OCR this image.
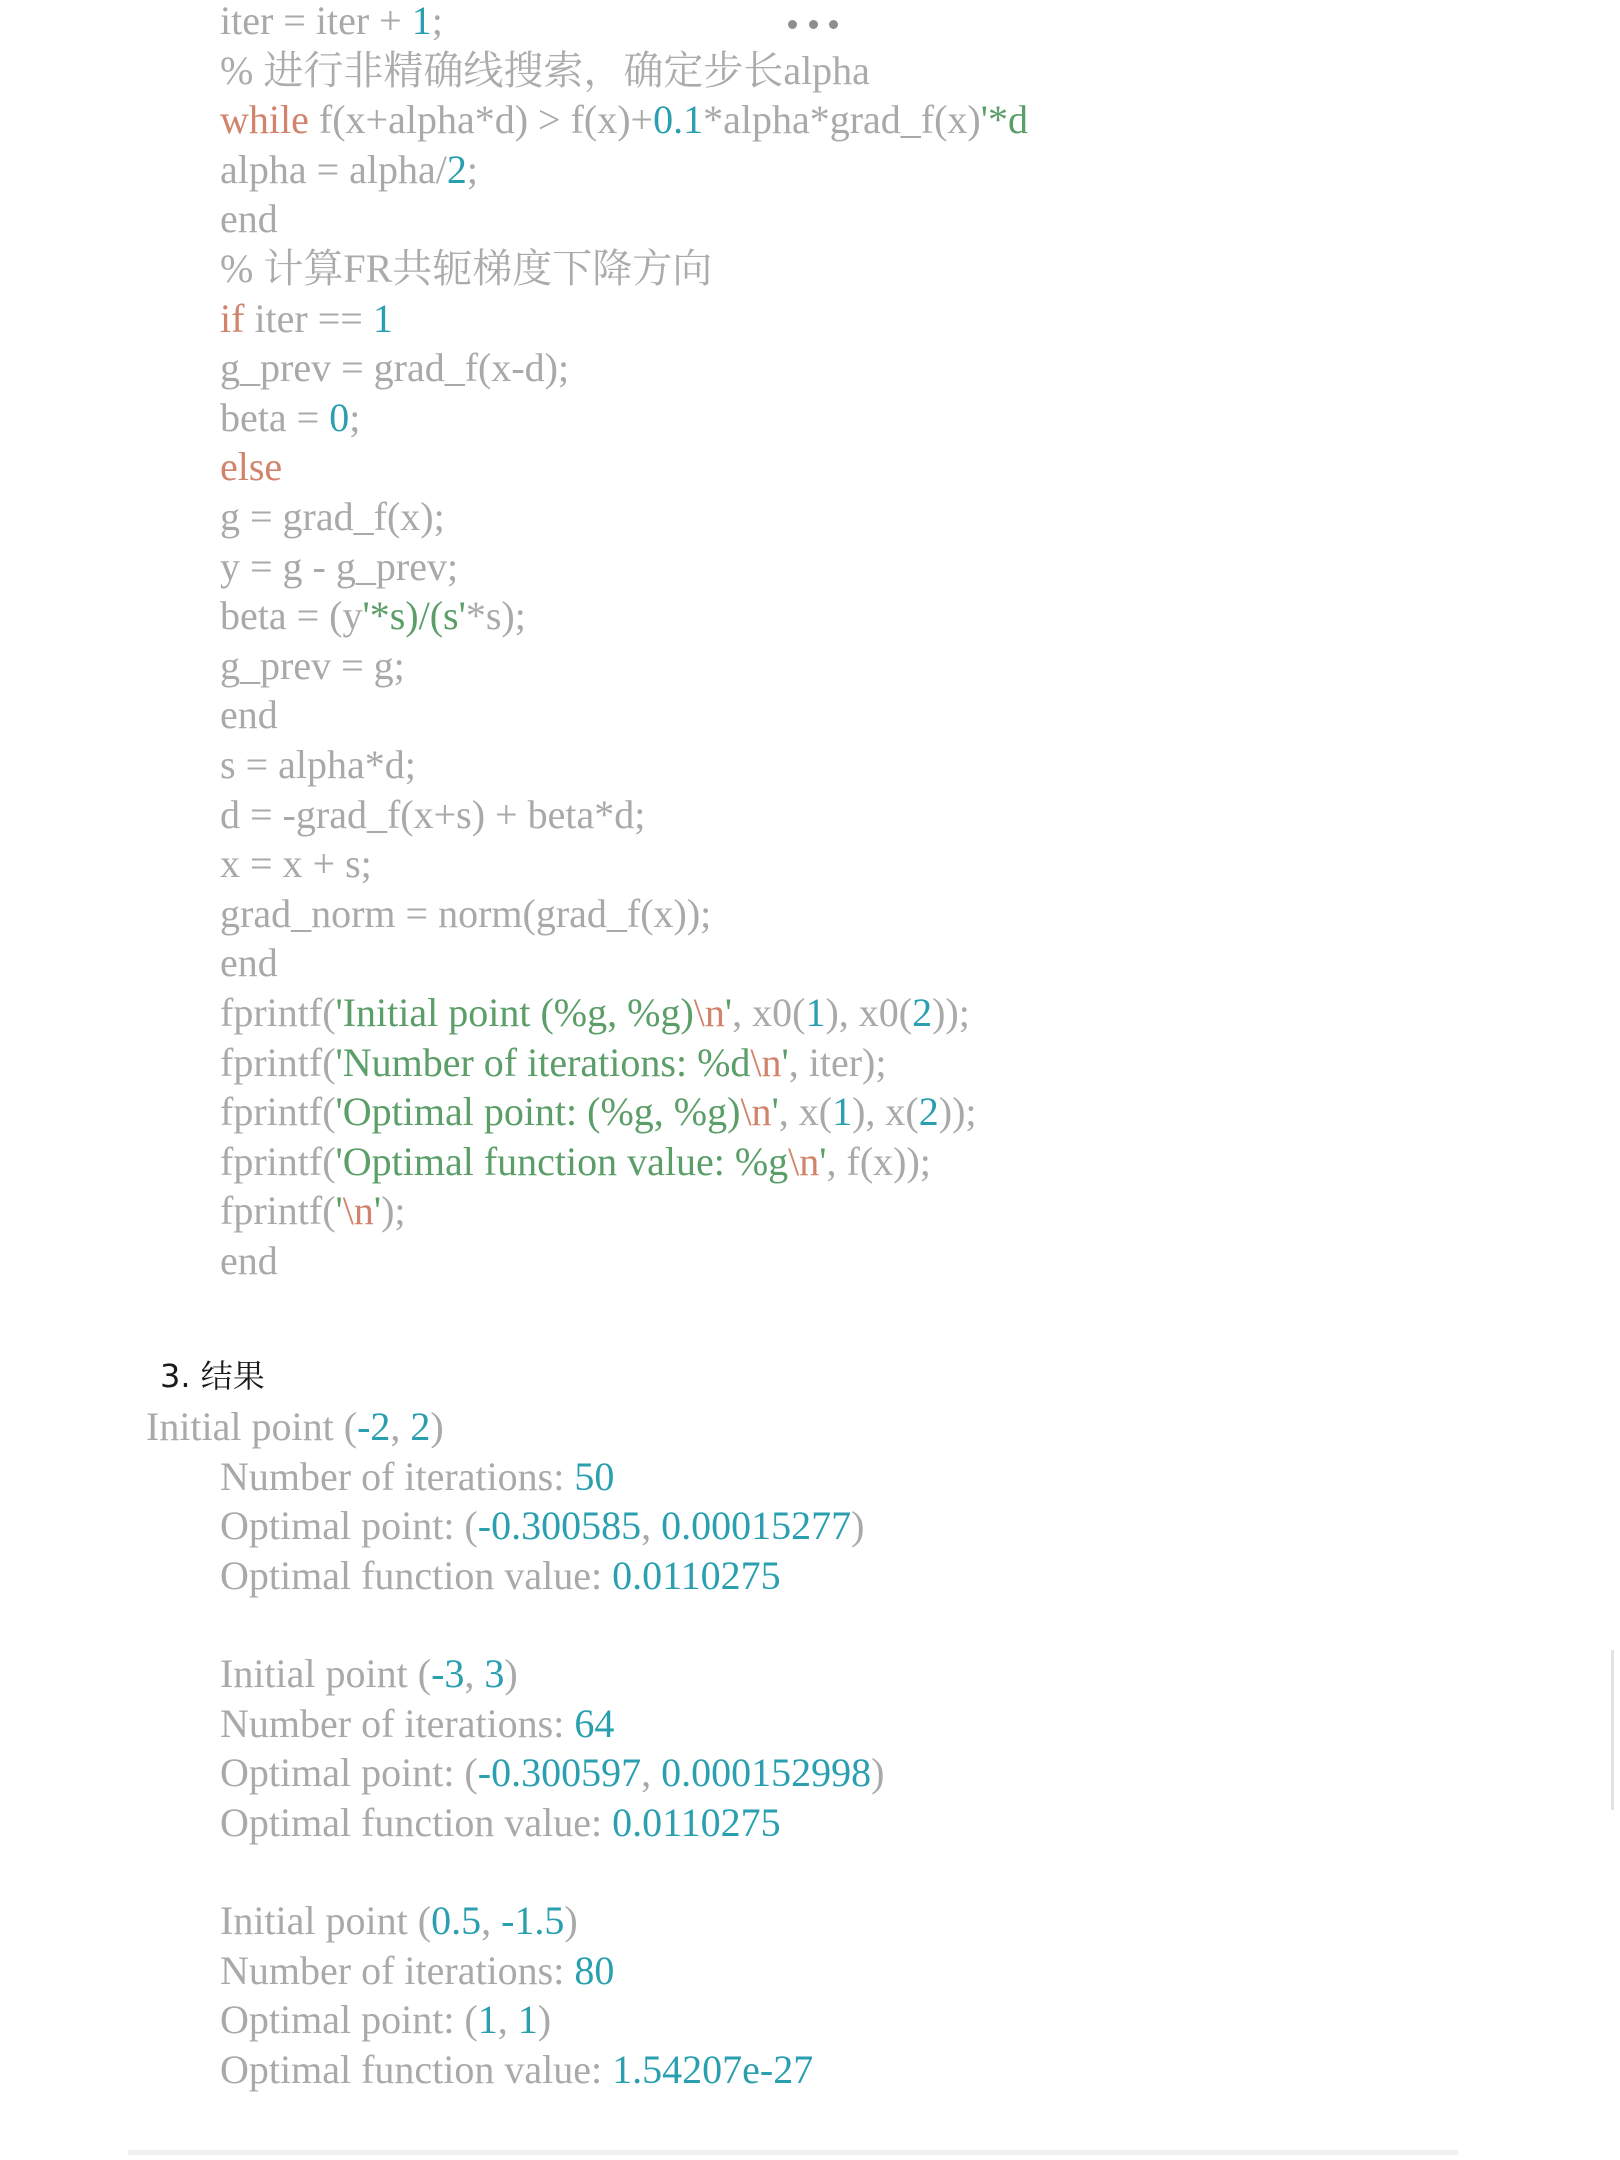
iter = iter + 1;
% 进行非精确线搜索，确定步长alpha
while f(x+alpha*d) > f(x)+0.1*alpha*grad_f(x)'*d
alpha = alpha/2;
end
% 计算FR共轭梯度下降方向
if iter == 1
g_prev = grad_f(x-d);
beta = 0;
else
g = grad_f(x);
y = g - g_prev;
beta = (y'*s)/(s'*s);
g_prev = g;
end
s = alpha*d;
d = -grad_f(x+s) + beta*d;
x = x + s;
grad_norm = norm(grad_f(x));
end
fprintf('Initial point (%g, %g)\n', x0(1), x0(2));
fprintf('Number of iterations: %d\n', iter);
fprintf('Optimal point: (%g, %g)\n', x(1), x(2));
fprintf('Optimal function value: %g\n', f(x));
fprintf('\n');
end
3. 结果
Initial point (-2, 2)
Number of iterations: 50
Optimal point: (-0.300585, 0.00015277)
Optimal function value: 0.0110275
Initial point (-3, 3)
Number of iterations: 64
Optimal point: (-0.300597, 0.000152998)
Optimal function value: 0.0110275
Initial point (0.5, -1.5)
Number of iterations: 80
Optimal point: (1, 1)
Optimal function value: 1.54207e-27
